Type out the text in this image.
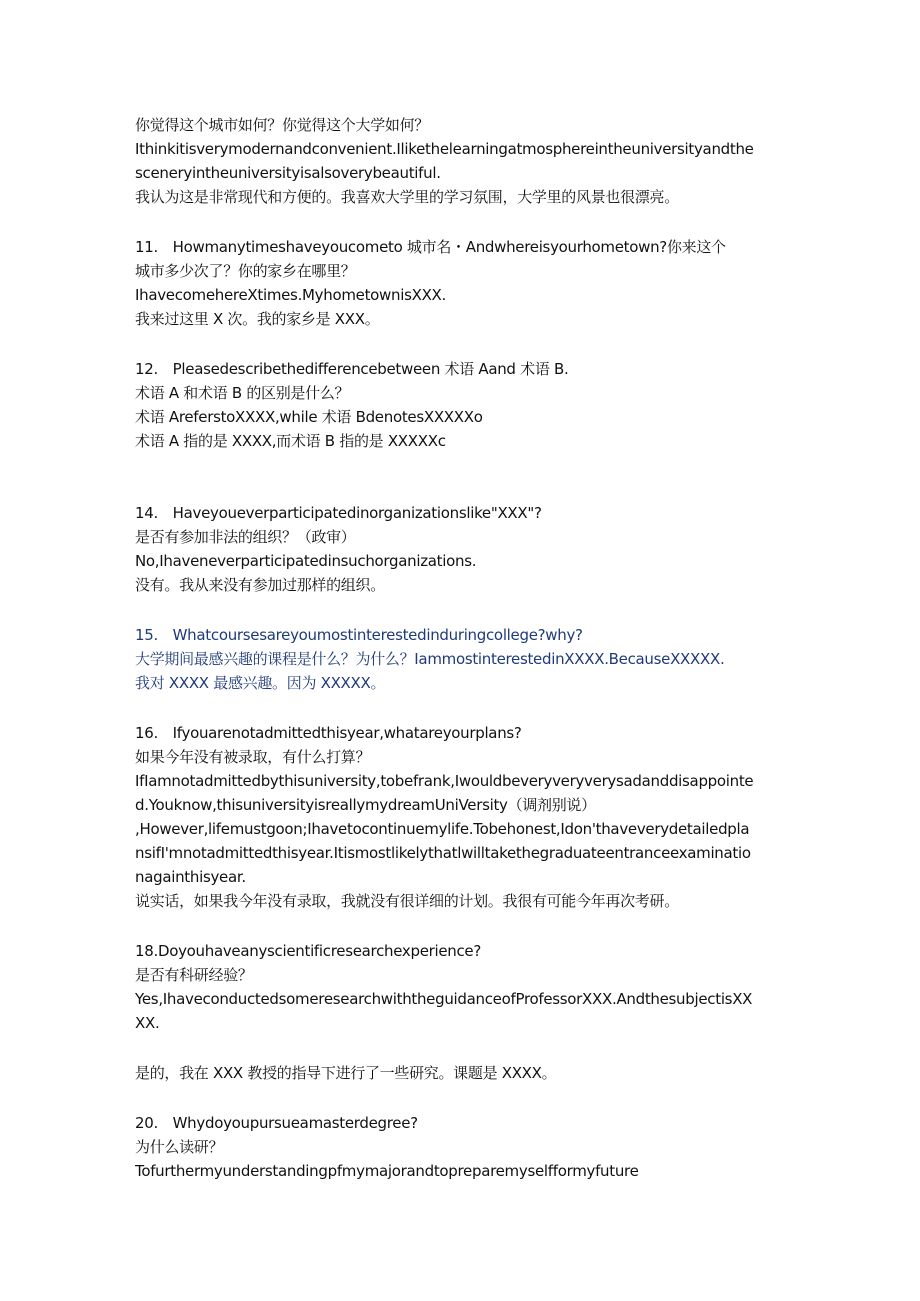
你觉得这个城市如何？你觉得这个大学如何？
Ithinkitisverymodernandconvenient.Ilikethelearningatmosphereintheuniversityandthe
sceneryintheuniversityisalsoverybeautiful.
我认为这是非常现代和方便的。我喜欢大学里的学习氛围，大学里的风景也很漂亮。
11.　Howmanytimeshaveyoucometo 城市名・Andwhereisyourhometown?你来这个
城市多少次了？你的家乡在哪里？
IhavecomehereXtimes.MyhometownisXXX.
我来过这里 X 次。我的家乡是 XXX。
12.　Pleasedescribethedifferencebetween 术语 Aand 术语 B.
术语 A 和术语 B 的区别是什么？
术语 AreferstoXXXX,while 术语 BdenotesXXXXXo
术语 A 指的是 XXXX,而术语 B 指的是 XXXXXc
14.　Haveyoueverparticipatedinorganizationslike"XXX"?
是否有参加非法的组织？（政审）
No,Ihaveneverparticipatedinsuchorganizations.
没有。我从来没有参加过那样的组织。
15.　Whatcoursesareyoumostinterestedinduringcollege?why?
大学期间最感兴趣的课程是什么？为什么？IammostinterestedinXXXX.BecauseXXXXX.
我对 XXXX 最感兴趣。因为 XXXXX。
16.　Ifyouarenotadmittedthisyear,whatareyourplans?
如果今年没有被录取，有什么打算？
IfIamnotadmittedbythisuniversity,tobefrank,Iwouldbeveryveryverysadanddisappointe
d.Youknow,thisuniversityisreallymydreamUniVersity（调剂别说）
,However,lifemustgoon;Ihavetocontinuemylife.Tobehonest,Idon'thaveverydetailedpla
nsifI'mnotadmittedthisyear.Itismostlikelythatlwilltakethegraduateentranceexaminatio
nagainthisyear.
说实话，如果我今年没有录取，我就没有很详细的计划。我很有可能今年再次考研。
18.Doyouhaveanyscientificresearchexperience?
是否有科研经验？
Yes,IhaveconductedsomeresearchwiththeguidanceofProfessorXXX.AndthesubjectisXX
XX.
是的，我在 XXX 教授的指导下进行了一些研究。课题是 XXXX。
20.　Whydoyoupursueamasterdegree?
为什么读研？
Tofurthermyunderstandingpfmymajorandtopreparemyselfformyfuture
